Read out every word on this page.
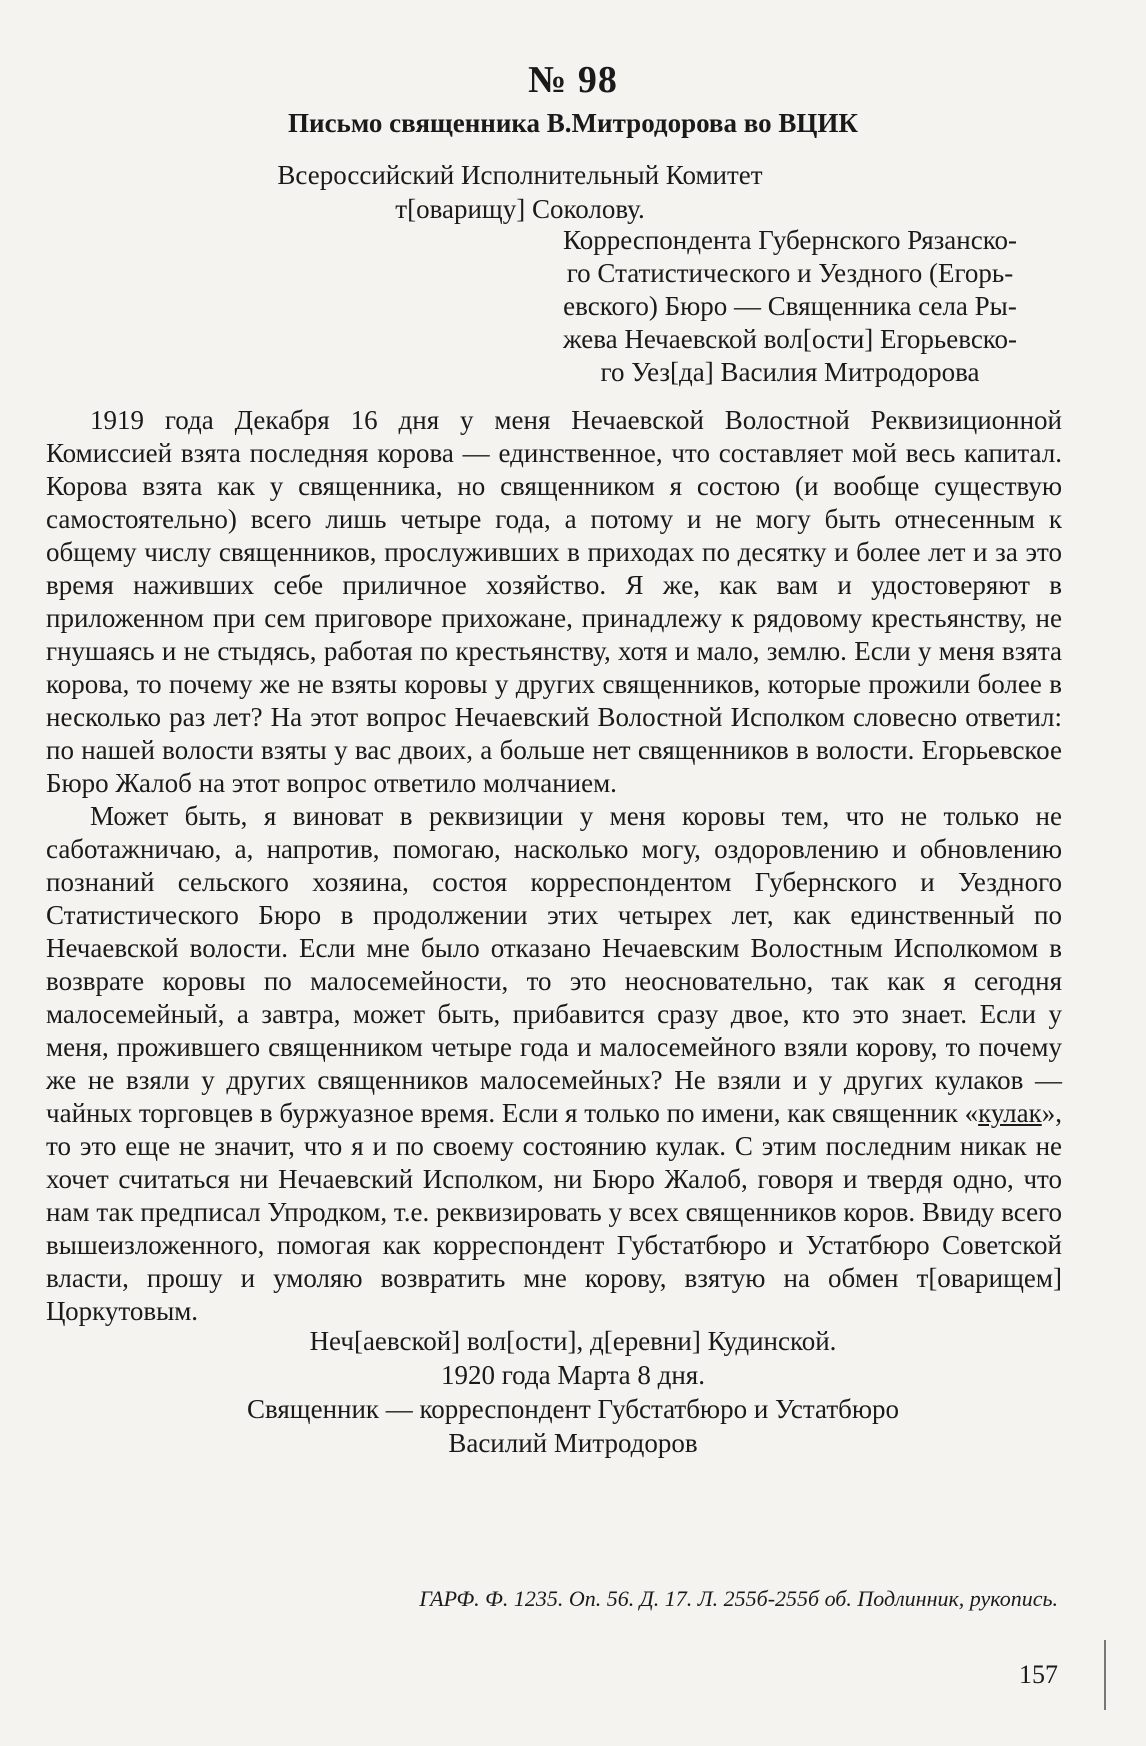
№ 98
Письмо священника В.Митродорова во ВЦИК
Всероссийский Исполнительный Комитет
т[оварищу] Соколову.
Корреспондента Губернского Рязанско-
го Статистического и Уездного (Егорь-
евского) Бюро — Священника села Ры-
жева Нечаевской вол[ости] Егорьевско-
го Уез[да] Василия Митродорова

1919 года Декабря 16 дня у меня Нечаевской Волостной Реквизиционной Комиссией взята последняя корова — единственное, что составляет мой весь капитал. Корова взята как у священника, но священником я состою (и вообще существую самостоятельно) всего лишь четыре года, а потому и не могу быть отнесенным к общему числу священников, прослуживших в приходах по десятку и более лет и за это время наживших себе приличное хозяйство. Я же, как вам и удостоверяют в приложенном при сем приговоре прихожане, принадлежу к рядовому крестьянству, не гнушаясь и не стыдясь, работая по крестьянству, хотя и мало, землю. Если у меня взята корова, то почему же не взяты коровы у других священников, которые прожили более в несколько раз лет? На этот вопрос Нечаевский Волостной Исполком словесно ответил: по нашей волости взяты у вас двоих, а больше нет священников в волости. Егорьевское Бюро Жалоб на этот вопрос ответило молчанием.

Может быть, я виноват в реквизиции у меня коровы тем, что не только не саботажничаю, а, напротив, помогаю, насколько могу, оздоровлению и обновлению познаний сельского хозяина, состоя корреспондентом Губернского и Уездного Статистического Бюро в продолжении этих четырех лет, как единственный по Нечаевской волости. Если мне было отказано Нечаевским Волостным Исполкомом в возврате коровы по малосемейности, то это неосновательно, так как я сегодня малосемейный, а завтра, может быть, прибавится сразу двое, кто это знает. Если у меня, прожившего священником четыре года и малосемейного взяли корову, то почему же не взяли у других священников малосемейных? Не взяли и у других кулаков — чайных торговцев в буржуазное время. Если я только по имени, как священник «кулак», то это еще не значит, что я и по своему состоянию кулак. С этим последним никак не хочет считаться ни Нечаевский Исполком, ни Бюро Жалоб, говоря и твердя одно, что нам так предписал Упродком, т.е. реквизировать у всех священников коров. Ввиду всего вышеизложенного, помогая как корреспондент Губстатбюро и Устатбюро Советской власти, прошу и умоляю возвратить мне корову, взятую на обмен т[оварищем] Цоркутовым.

Неч[аевской] вол[ости], д[еревни] Кудинской.
1920 года Марта 8 дня.
Священник — корреспондент Губстатбюро и Устатбюро
Василий Митродоров
ГАРФ. Ф. 1235. Оп. 56. Д. 17. Л. 255б-255б об. Подлинник, рукопись.
157
